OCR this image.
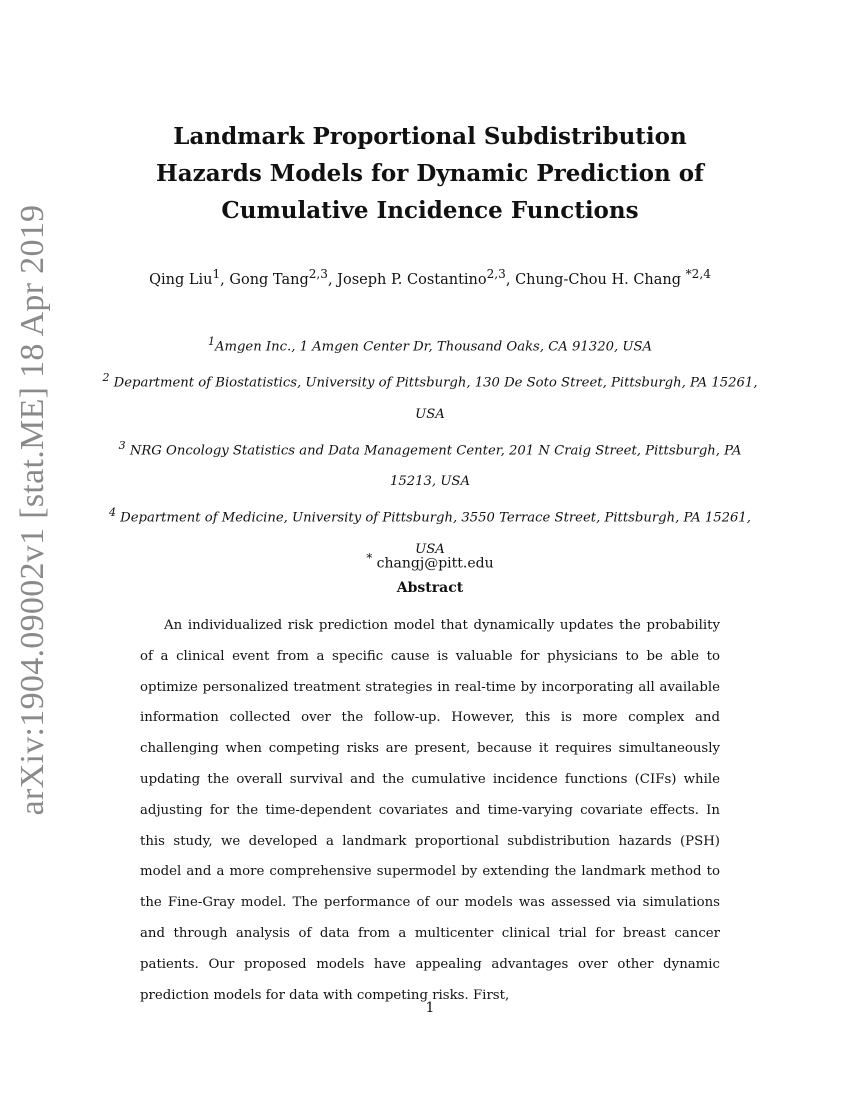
arXiv:1904.09002v1 [stat.ME] 18 Apr 2019
Landmark Proportional Subdistribution Hazards Models for Dynamic Prediction of Cumulative Incidence Functions
Qing Liu$^1$, Gong Tang$^{2,3}$, Joseph P. Costantino$^{2,3}$, Chung-Chou H. Chang $^{*2,4}$
$^1$Amgen Inc., 1 Amgen Center Dr, Thousand Oaks, CA 91320, USA
$^2$ Department of Biostatistics, University of Pittsburgh, 130 De Soto Street, Pittsburgh, PA 15261, USA
$^3$ NRG Oncology Statistics and Data Management Center, 201 N Craig Street, Pittsburgh, PA 15213, USA
$^4$ Department of Medicine, University of Pittsburgh, 3550 Terrace Street, Pittsburgh, PA 15261, USA
* changj@pitt.edu
Abstract

An individualized risk prediction model that dynamically updates the probability of a clinical event from a specific cause is valuable for physicians to be able to optimize personalized treatment strategies in real-time by incorporating all available information collected over the follow-up. However, this is more complex and challenging when competing risks are present, because it requires simultaneously updating the overall survival and the cumulative incidence functions (CIFs) while adjusting for the time-dependent covariates and time-varying covariate effects. In this study, we developed a landmark proportional subdistribution hazards (PSH) model and a more comprehensive supermodel by extending the landmark method to the Fine-Gray model. The performance of our models was assessed via simulations and through analysis of data from a multicenter clinical trial for breast cancer patients. Our proposed models have appealing advantages over other dynamic prediction models for data with competing risks. First,

1
